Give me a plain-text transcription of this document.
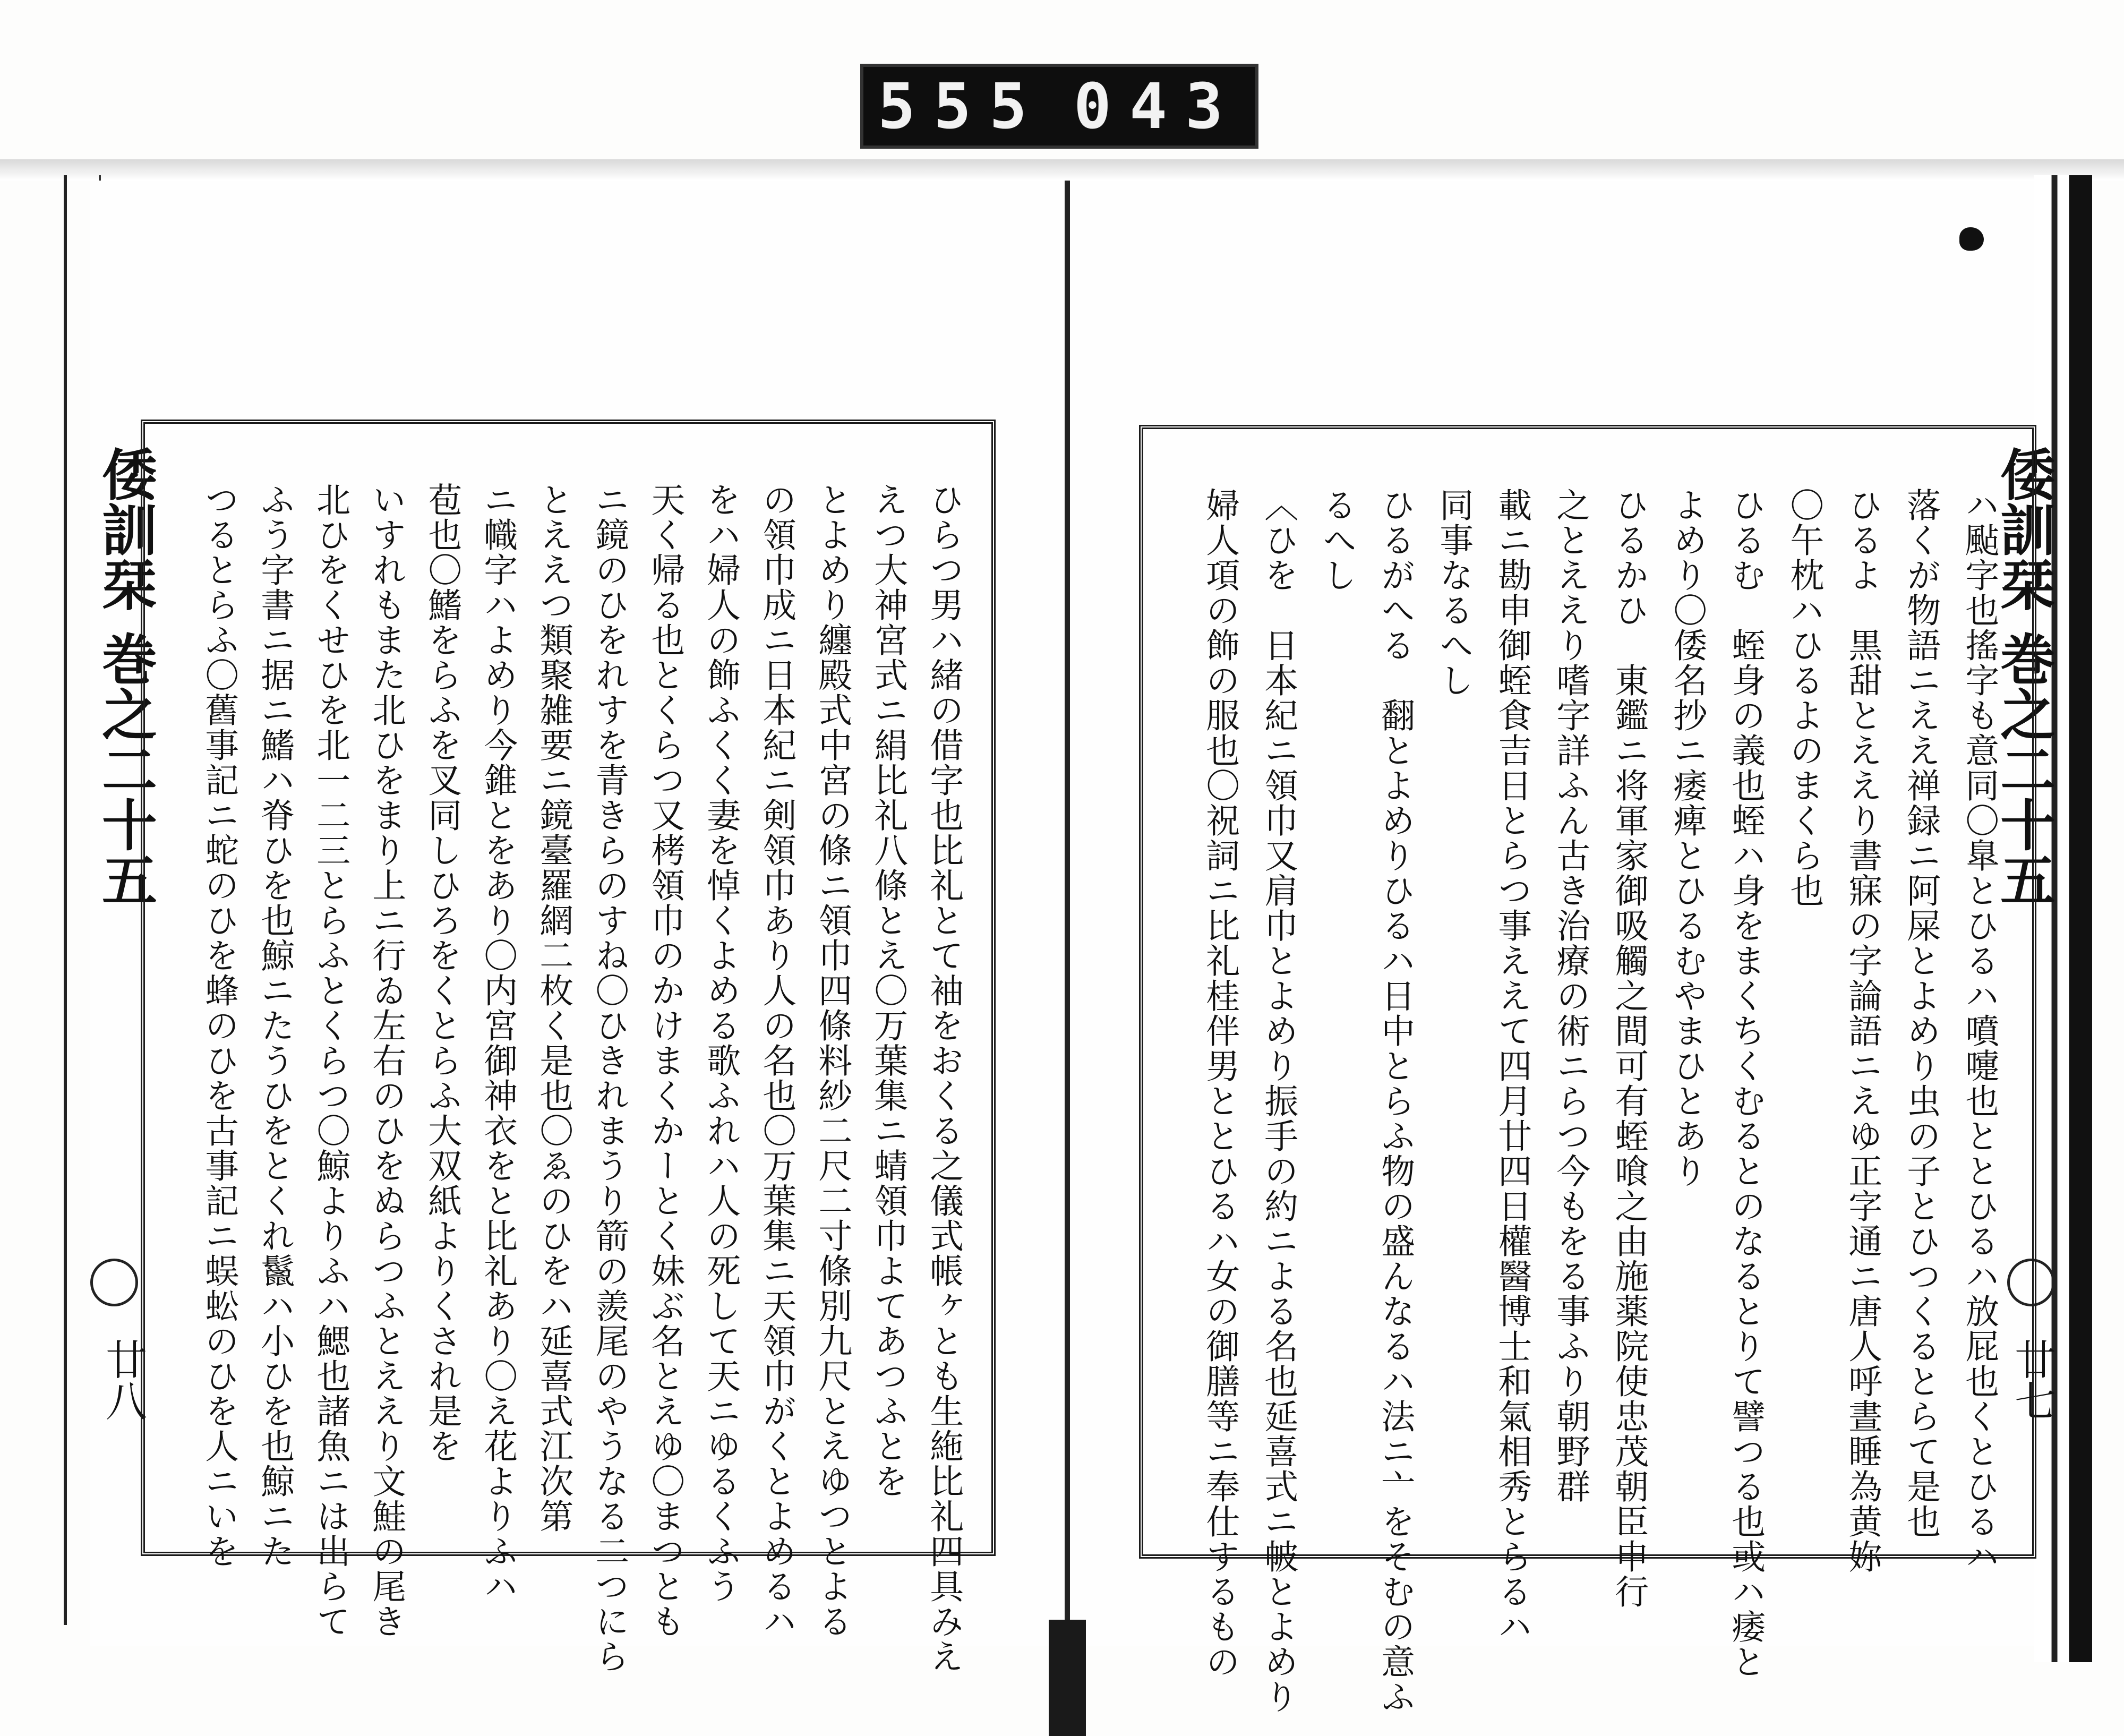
555 043
倭訓栞 巻之二十五
廿八	ひらつ男ハ緒の借字也比礼とて袖をおくる之儀式帳ヶとも生絁比礼四具みえ
えつ大神宮式ニ絹比礼八條とえ〇万葉集ニ蜻領巾よてあつふとを
とよめり纏殿式中宮の條ニ領巾四條料紗二尺二寸條別九尺とえゆつとよる
の領巾成ニ日本紀ニ剣領巾あり人の名也〇万葉集ニ天領巾がくとよめるハ
をハ婦人の飾ふくく妻を悼くよめる歌ふれハ人の死して天ニゆるくふう
天く帰る也とくらつ又栲領巾のかけまくかーとく妹ぶ名とえゆ〇まつとも
ニ鏡のひをれすを青きらのすね〇ひきれまうり箭の羨尾のやうなる二つにら
とええつ類聚雑要ニ鏡臺羅網二枚く是也〇ゑのひをハ延喜式江次第
ニ幟字ハよめり今錐とをあり〇内宮御神衣をと比礼あり〇え花よりふハ
苞也〇鰭をらふを叉同しひろをくとらふ大双紙よりくされ是を
いすれもまた北ひをまり上ニ行ゐ左右のひをぬらつふとええり文鮭の尾き
北ひをくせひを北一二三とらふとくらつ〇鯨よりふハ鰓也諸魚ニは出らて
ふう字書ニ据ニ鰭ハ脊ひを也鯨ニたうひをとくれ鬣ハ小ひを也鯨ニた
つるとらふ〇舊事記ニ蛇のひを蜂のひを古事記ニ蜈蚣のひを人ニいを	倭訓栞 巻之二十五
廿七
ハ颭字也搖字も意同〇臯とひるハ噴嚏也ととひるハ放屁也くとひるハ
落くが物語ニええ禅録ニ阿屎とよめり虫の子とひつくるとらて是也
ひるよ　黒甜とええり書寐の字論語ニえゆ正字通ニ唐人呼晝睡為黄妳
〇午枕ハひるよのまくら也
ひるむ　蛭身の義也蛭ハ身をまくちくむるとのなるとりて譬つる也或ハ痿と
よめり〇倭名抄ニ痿痺とひるむやまひとあり
ひるかひ　東鑑ニ将軍家御吸觸之間可有蛭喰之由施薬院使忠茂朝臣申行
之とええり嗜字詳ふん古き治療の術ニらつ今もをる事ふり朝野群
載ニ勘申御蛭食吉日とらつ事ええて四月廿四日權醫博士和氣相秀とらるハ
同事なるへし
ひるがへる　翻とよめりひるハ日中とらふ物の盛んなるハ法ニ亠をそむの意ふ
るへし
〈ひを　日本紀ニ領巾又肩巾とよめり振手の約ニよる名也延喜式ニ帔とよめり
婦人項の飾の服也〇祝詞ニ比礼桂伴男ととひるハ女の御膳等ニ奉仕するもの
